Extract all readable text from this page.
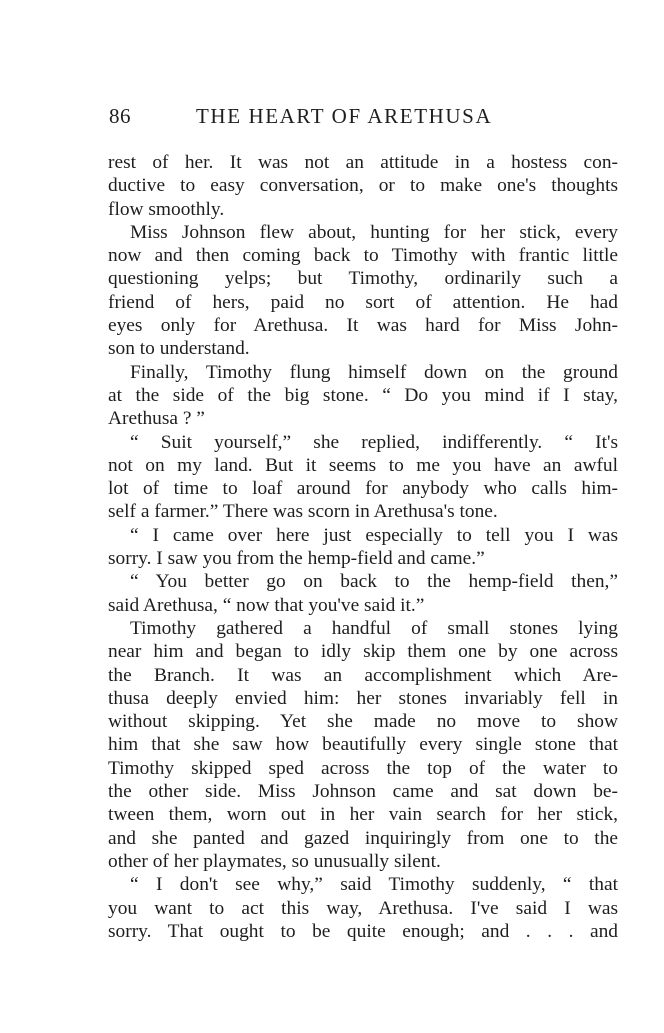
86	THE HEART OF ARETHUSA
rest of her. It was not an attitude in a hostess con-
ductive to easy conversation, or to make one's thoughts
flow smoothly.
Miss Johnson flew about, hunting for her stick, every
now and then coming back to Timothy with frantic little
questioning yelps; but Timothy, ordinarily such a
friend of hers, paid no sort of attention. He had
eyes only for Arethusa. It was hard for Miss John-
son to understand.
Finally, Timothy flung himself down on the ground
at the side of the big stone. “ Do you mind if I stay,
Arethusa ? ”
“ Suit yourself,” she replied, indifferently. “ It's
not on my land. But it seems to me you have an awful
lot of time to loaf around for anybody who calls him-
self a farmer.” There was scorn in Arethusa's tone.
“ I came over here just especially to tell you I was
sorry. I saw you from the hemp-field and came.”
“ You better go on back to the hemp-field then,”
said Arethusa, “ now that you've said it.”
Timothy gathered a handful of small stones lying
near him and began to idly skip them one by one across
the Branch. It was an accomplishment which Are-
thusa deeply envied him: her stones invariably fell in
without skipping. Yet she made no move to show
him that she saw how beautifully every single stone that
Timothy skipped sped across the top of the water to
the other side. Miss Johnson came and sat down be-
tween them, worn out in her vain search for her stick,
and she panted and gazed inquiringly from one to the
other of her playmates, so unusually silent.
“ I don't see why,” said Timothy suddenly, “ that
you want to act this way, Arethusa. I've said I was
sorry. That ought to be quite enough; and . . . and
